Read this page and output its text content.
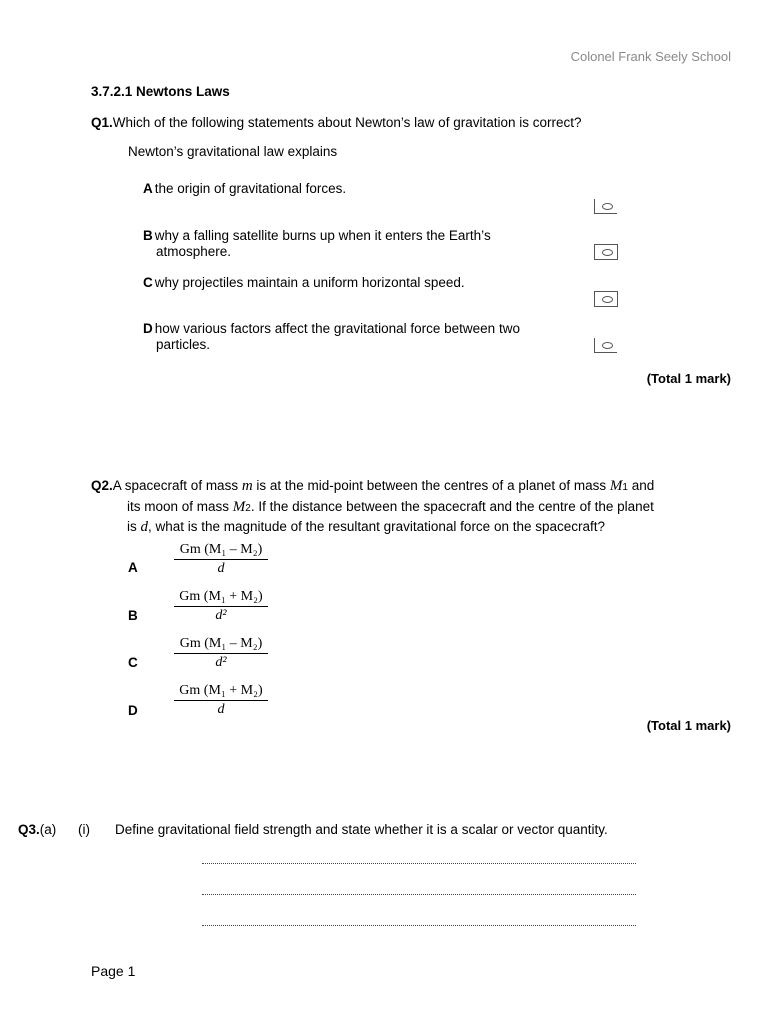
Colonel Frank Seely School
3.7.2.1 Newtons Laws
Q1.Which of the following statements about Newton’s law of gravitation is correct?
Newton’s gravitational law explains
A the origin of gravitational forces.
B why a falling satellite burns up when it enters the Earth’s
atmosphere.
C why projectiles maintain a uniform horizontal speed.
D how various factors affect the gravitational force between two
particles.
(Total 1 mark)
Q2.A spacecraft of mass m is at the mid-point between the centres of a planet of mass M1 and
its moon of mass M2. If the distance between the spacecraft and the centre of the planet
is d, what is the magnitude of the resultant gravitational force on the spacecraft?
$\frac{\text{Gm (M₁ – M₂)}}{d}$
A
$\frac{\text{Gm (M₁ + M₂)}}{\text{d²}}$
B
$\frac{\text{Gm (M₁ – M₂)}}{\text{d²}}$
C
$\frac{\text{Gm (M₁ + M₂)}}{d}$
D
(Total 1 mark)
Q3.(a) (i) Define gravitational field strength and state whether it is a scalar or vector quantity.
Page 1
